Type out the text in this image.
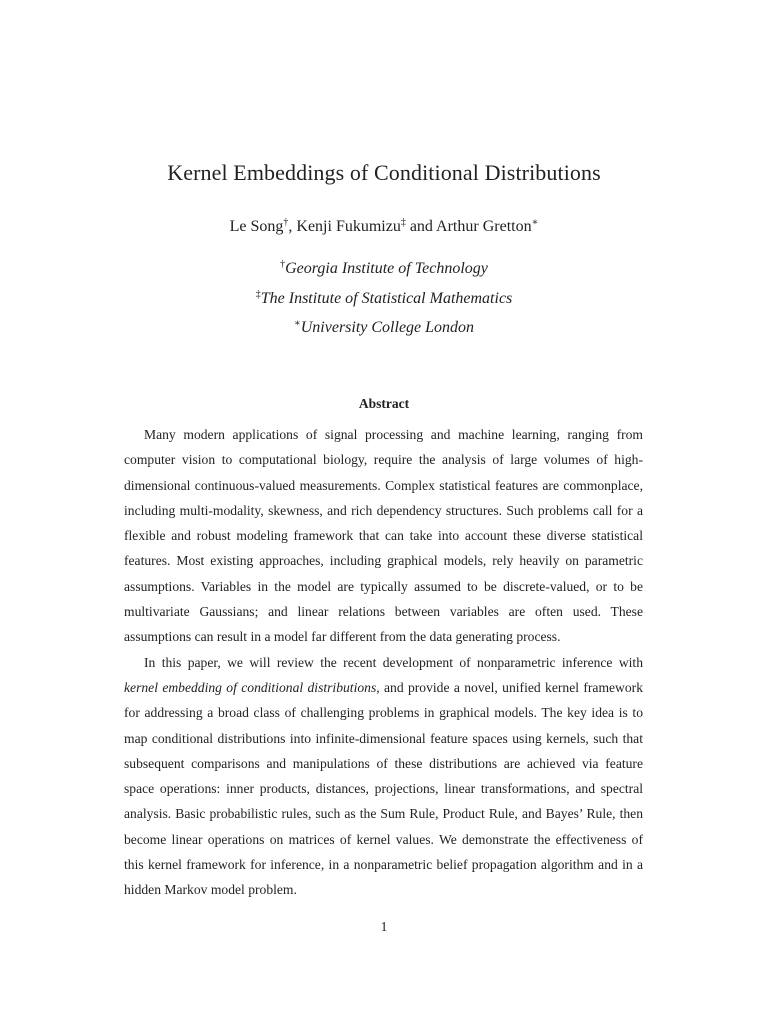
Kernel Embeddings of Conditional Distributions
Le Song†, Kenji Fukumizu‡ and Arthur Gretton∗
†Georgia Institute of Technology
‡The Institute of Statistical Mathematics
∗University College London
Abstract

Many modern applications of signal processing and machine learning, ranging from computer vision to computational biology, require the analysis of large volumes of high-dimensional continuous-valued measurements. Complex statistical features are commonplace, including multi-modality, skewness, and rich dependency structures. Such problems call for a flexible and robust modeling framework that can take into account these diverse statistical features. Most existing approaches, including graphical models, rely heavily on parametric assumptions. Variables in the model are typically assumed to be discrete-valued, or to be multivariate Gaussians; and linear relations between variables are often used. These assumptions can result in a model far different from the data generating process.

In this paper, we will review the recent development of nonparametric inference with kernel embedding of conditional distributions, and provide a novel, unified kernel framework for addressing a broad class of challenging problems in graphical models. The key idea is to map conditional distributions into infinite-dimensional feature spaces using kernels, such that subsequent comparisons and manipulations of these distributions are achieved via feature space operations: inner products, distances, projections, linear transformations, and spectral analysis. Basic probabilistic rules, such as the Sum Rule, Product Rule, and Bayes’ Rule, then become linear operations on matrices of kernel values. We demonstrate the effectiveness of this kernel framework for inference, in a nonparametric belief propagation algorithm and in a hidden Markov model problem.

1
